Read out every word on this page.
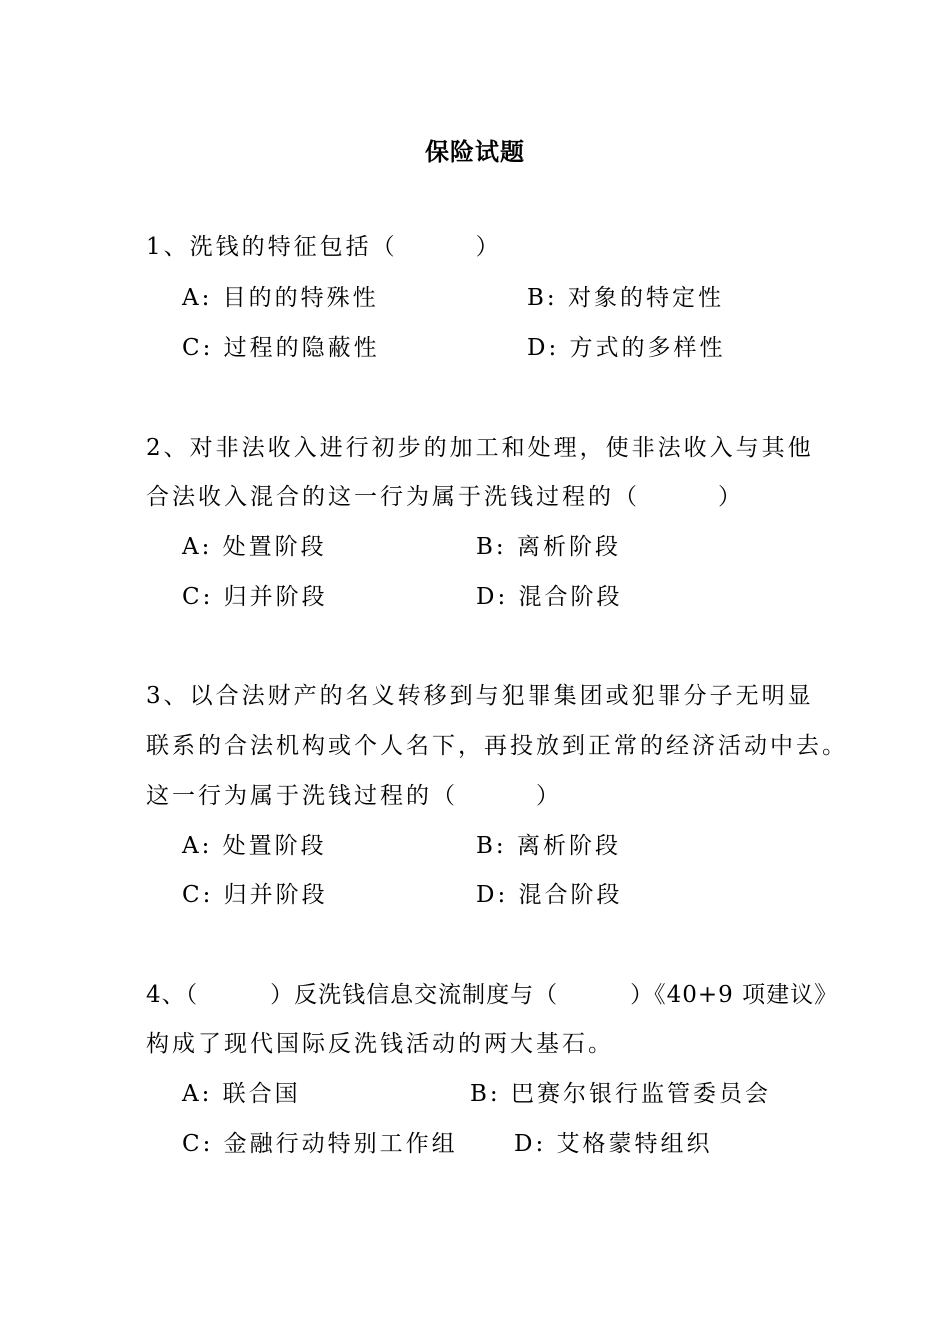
保险试题
1、洗钱的特征包括（　　　）
A: 目的的特殊性	B: 对象的特定性
C: 过程的隐蔽性	D: 方式的多样性
2、对非法收入进行初步的加工和处理，使非法收入与其他
合法收入混合的这一行为属于洗钱过程的（　　　）
A: 处置阶段	B: 离析阶段
C: 归并阶段	D: 混合阶段
3、以合法财产的名义转移到与犯罪集团或犯罪分子无明显
联系的合法机构或个人名下，再投放到正常的经济活动中去。
这一行为属于洗钱过程的（　　　）
A: 处置阶段	B: 离析阶段
C: 归并阶段	D: 混合阶段
4、（　　　）反洗钱信息交流制度与（　　　）《40+9 项建议》
构成了现代国际反洗钱活动的两大基石。
A: 联合国	B: 巴赛尔银行监管委员会
C: 金融行动特别工作组 D: 艾格蒙特组织
